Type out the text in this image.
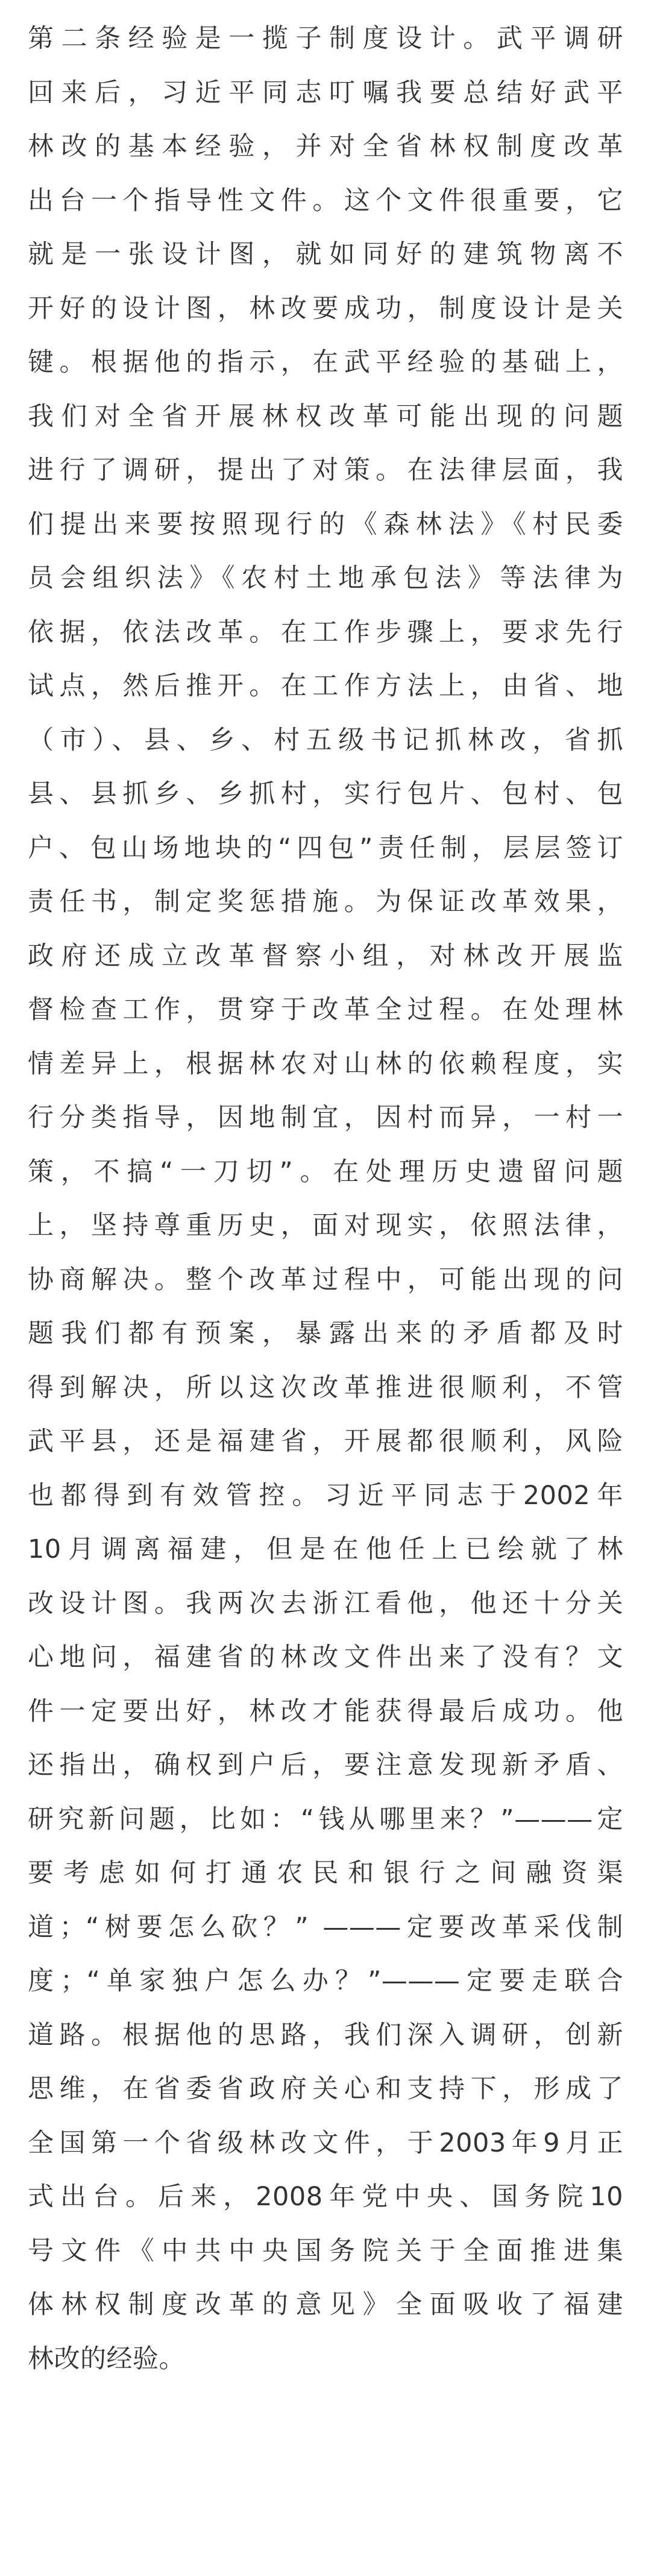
第二条经验是一揽子制度设计。武平调研
回来后，习近平同志叮嘱我要总结好武平
林改的基本经验，并对全省林权制度改革
出台一个指导性文件。这个文件很重要，它
就是一张设计图，就如同好的建筑物离不
开好的设计图，林改要成功，制度设计是关
键。根据他的指示，在武平经验的基础上，
我们对全省开展林权改革可能出现的问题
进行了调研，提出了对策。在法律层面，我
们提出来要按照现行的《森林法》《村民委
员会组织法》《农村土地承包法》等法律为
依据，依法改革。在工作步骤上，要求先行
试点，然后推开。在工作方法上，由省、地
（市）、县、乡、村五级书记抓林改，省抓
县、县抓乡、乡抓村，实行包片、包村、包
户、包山场地块的“四包”责任制，层层签订
责任书，制定奖惩措施。为保证改革效果，
政府还成立改革督察小组，对林改开展监
督检查工作，贯穿于改革全过程。在处理林
情差异上，根据林农对山林的依赖程度，实
行分类指导，因地制宜，因村而异，一村一
策，不搞“一刀切”。在处理历史遗留问题
上，坚持尊重历史，面对现实，依照法律，
协商解决。整个改革过程中，可能出现的问
题我们都有预案，暴露出来的矛盾都及时
得到解决，所以这次改革推进很顺利，不管
武平县，还是福建省，开展都很顺利，风险
也都得到有效管控。习近平同志于2002年
10月调离福建，但是在他任上已绘就了林
改设计图。我两次去浙江看他，他还十分关
心地问，福建省的林改文件出来了没有？文
件一定要出好，林改才能获得最后成功。他
还指出，确权到户后，要注意发现新矛盾、
研究新问题，比如：“钱从哪里来？”———定
要考虑如何打通农民和银行之间融资渠
道；“树要怎么砍？” ———定要改革采伐制
度；“单家独户怎么办？”———定要走联合
道路。根据他的思路，我们深入调研，创新
思维，在省委省政府关心和支持下，形成了
全国第一个省级林改文件，于2003年9月正
式出台。后来，2008年党中央、国务院10
号文件《中共中央国务院关于全面推进集
体林权制度改革的意见》全面吸收了福建
林改的经验。
